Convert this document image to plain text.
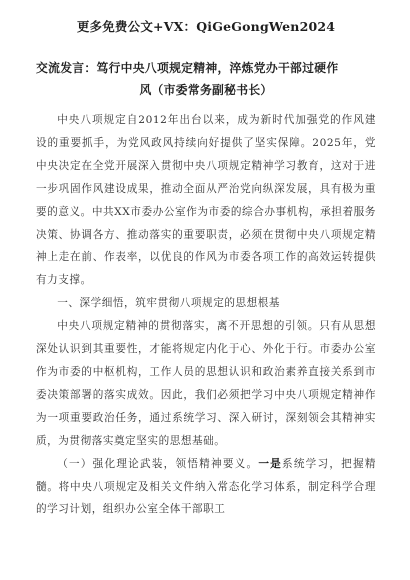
更多免费公文+VX：QiGeGongWen2024
交流发言：笃行中央八项规定精神，淬炼党办干部过硬作
风（市委常务副秘书长）

中央八项规定自2012年出台以来，成为新时代加强党的作风建设的重要抓手，为党风政风持续向好提供了坚实保障。2025年，党中央决定在全党开展深入贯彻中央八项规定精神学习教育，这对于进一步巩固作风建设成果，推动全面从严治党向纵深发展，具有极为重要的意义。中共XX市委办公室作为市委的综合办事机构，承担着服务决策、协调各方、推动落实的重要职责，必须在贯彻中央八项规定精神上走在前、作表率，以优良的作风为市委各项工作的高效运转提供有力支撑。

一、深学细悟，筑牢贯彻八项规定的思想根基

中央八项规定精神的贯彻落实，离不开思想的引领。只有从思想深处认识到其重要性，才能将规定内化于心、外化于行。市委办公室作为市委的中枢机构，工作人员的思想认识和政治素养直接关系到市委决策部署的落实成效。因此，我们必须把学习中央八项规定精神作为一项重要政治任务，通过系统学习、深入研讨，深刻领会其精神实质，为贯彻落实奠定坚实的思想基础。

（一）强化理论武装，领悟精神要义。一是系统学习，把握精髓。将中央八项规定及相关文件纳入常态化学习体系，制定科学合理的学习计划，组织办公室全体干部职工
